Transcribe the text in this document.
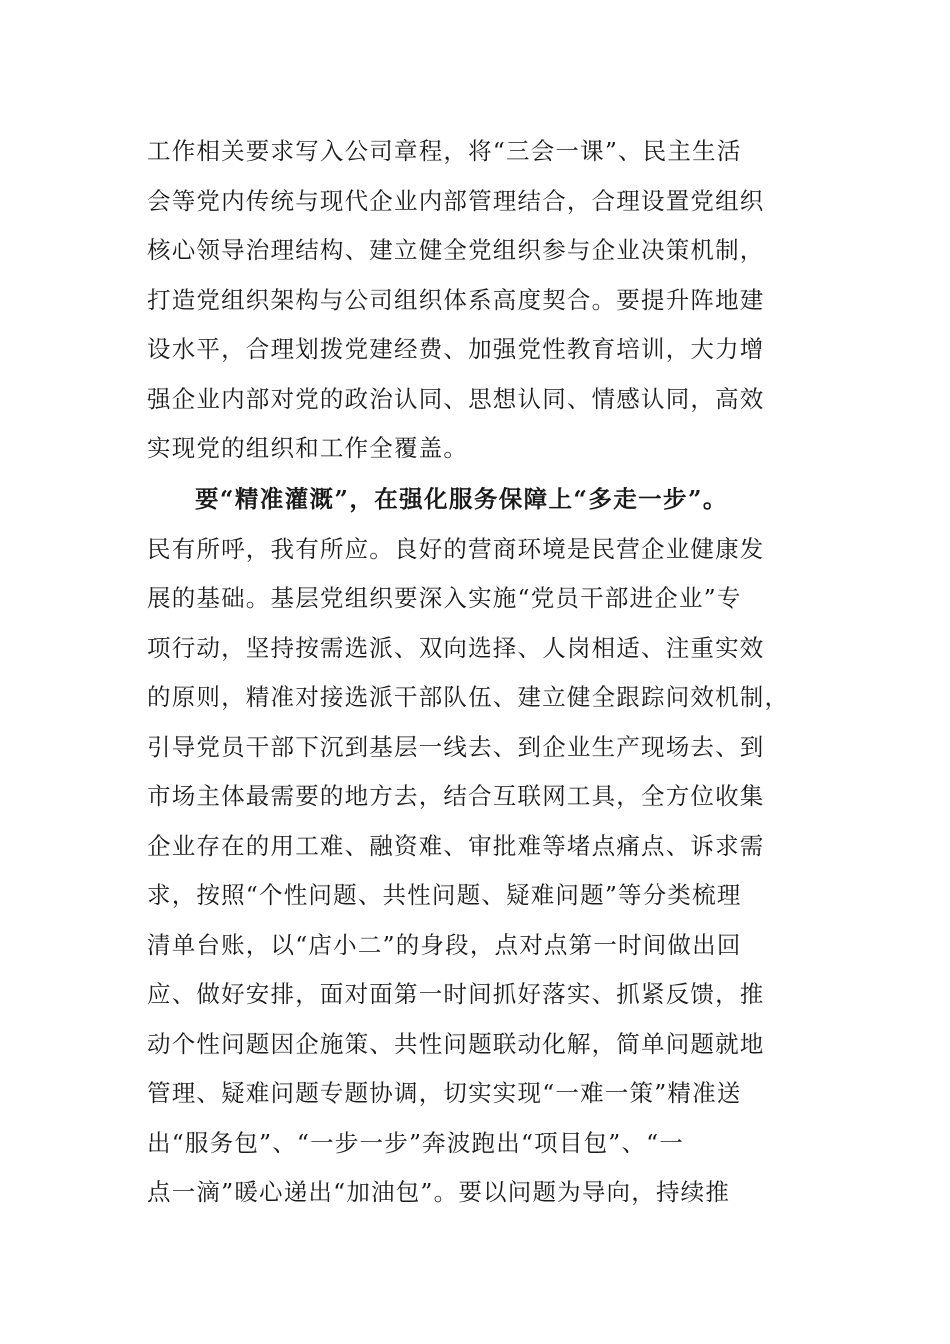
工作相关要求写入公司章程，将“三会一课”、民主生活
会等党内传统与现代企业内部管理结合，合理设置党组织
核心领导治理结构、建立健全党组织参与企业决策机制，
打造党组织架构与公司组织体系高度契合。要提升阵地建
设水平，合理划拨党建经费、加强党性教育培训，大力增
强企业内部对党的政治认同、思想认同、情感认同，高效
实现党的组织和工作全覆盖。
要“精准灌溉”，在强化服务保障上“多走一步”。
民有所呼，我有所应。良好的营商环境是民营企业健康发
展的基础。基层党组织要深入实施“党员干部进企业”专
项行动，坚持按需选派、双向选择、人岗相适、注重实效
的原则，精准对接选派干部队伍、建立健全跟踪问效机制，
引导党员干部下沉到基层一线去、到企业生产现场去、到
市场主体最需要的地方去，结合互联网工具，全方位收集
企业存在的用工难、融资难、审批难等堵点痛点、诉求需
求，按照“个性问题、共性问题、疑难问题”等分类梳理
清单台账，以“店小二”的身段，点对点第一时间做出回
应、做好安排，面对面第一时间抓好落实、抓紧反馈，推
动个性问题因企施策、共性问题联动化解，简单问题就地
管理、疑难问题专题协调，切实实现“一难一策”精准送
出“服务包”、“一步一步”奔波跑出“项目包”、“一
点一滴”暖心递出“加油包”。要以问题为导向，持续推
